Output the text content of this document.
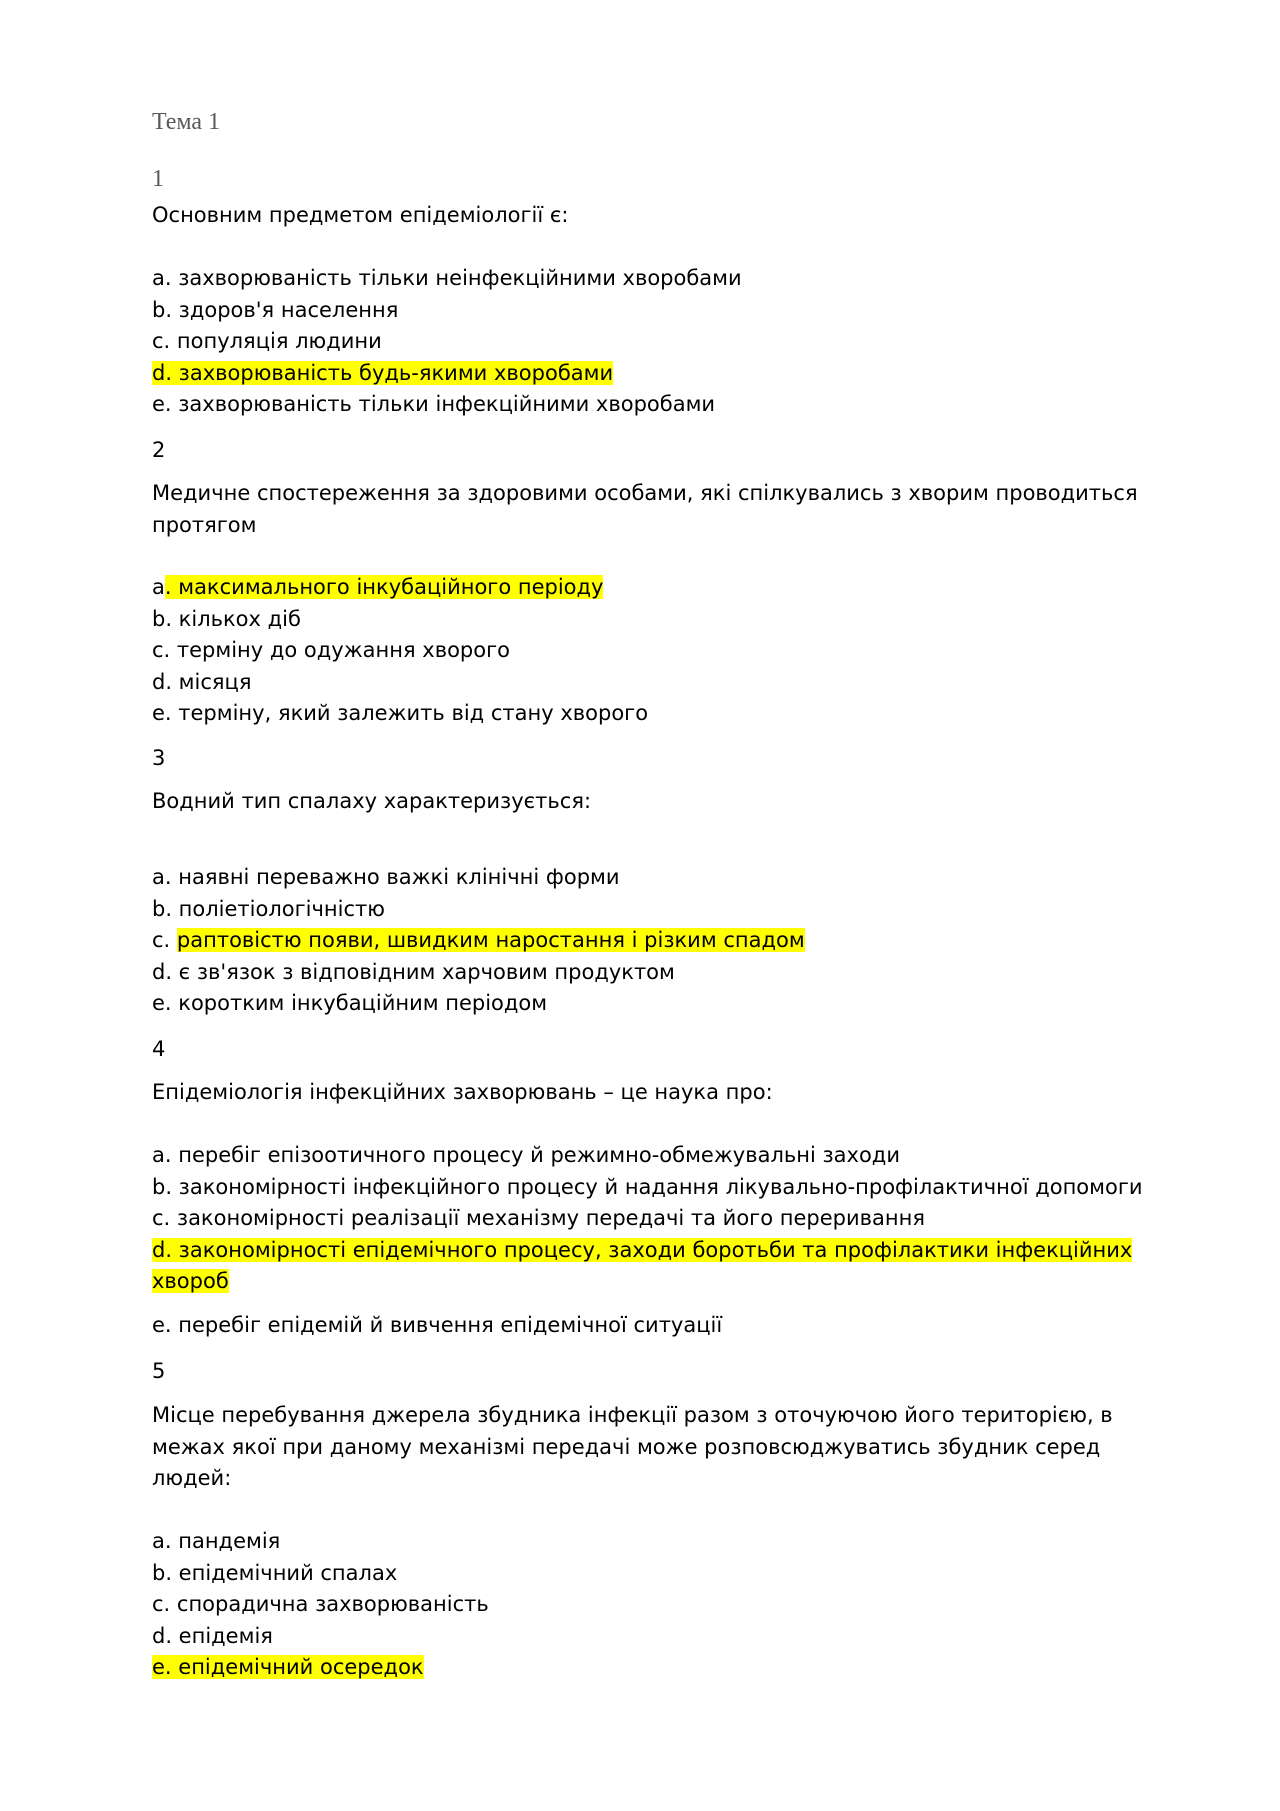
Тема 1
1
Основним предметом епідеміології є:
a. захворюваність тільки неінфекційними хворобами
b. здоров'я населення
c. популяція людини
d. захворюваність будь-якими хворобами
e. захворюваність тільки інфекційними хворобами
2
Медичне спостереження за здоровими особами, які спілкувались з хворим проводиться протягом
a. максимального інкубаційного періоду
b. кількох діб
c. терміну до одужання хворого
d. місяця
e. терміну, який залежить від стану хворого
3
Водний тип спалаху характеризується:
a. наявні переважно важкі клінічні форми
b. поліетіологічністю
c. раптовістю появи, швидким наростання і різким спадом
d. є зв'язок з відповідним харчовим продуктом
e. коротким інкубаційним періодом
4
Епідеміологія інфекційних захворювань – це наука про:
a. перебіг епізоотичного процесу й режимно-обмежувальні заходи
b. закономірності інфекційного процесу й надання лікувально-профілактичної допомоги
c. закономірності реалізації механізму передачі та його переривання
d. закономірності епідемічного процесу, заходи боротьби та профілактики інфекційних хвороб
e. перебіг епідемій й вивчення епідемічної ситуації
5
Місце перебування джерела збудника інфекції разом з оточуючою його територією, в межах якої при даному механізмі передачі може розповсюджуватись збудник серед людей:
a. пандемія
b. епідемічний спалах
c. спорадична захворюваність
d. епідемія
e. епідемічний осередок
